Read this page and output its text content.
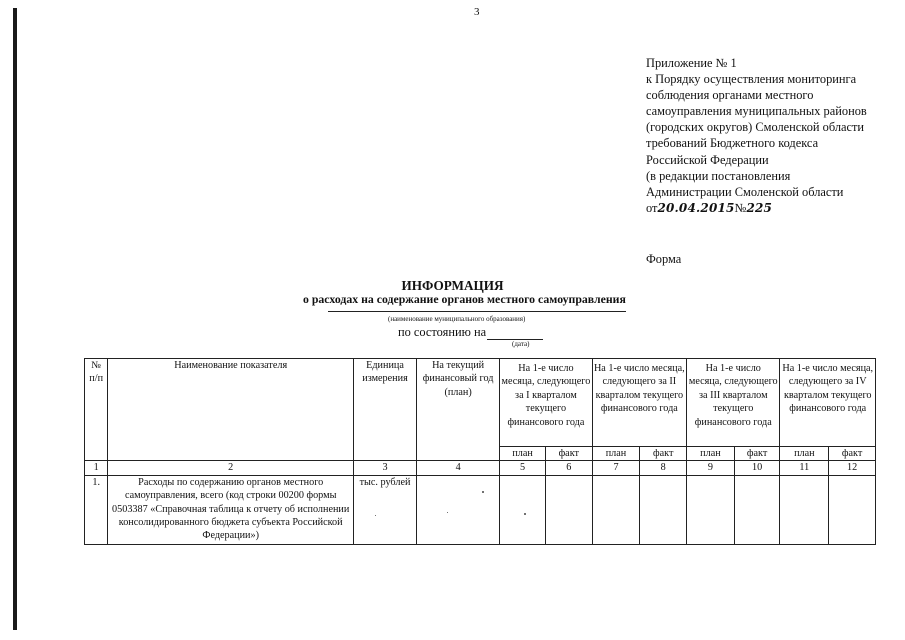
3
Приложение № 1
к Порядку осуществления мониторинга
соблюдения органами местного
самоуправления муниципальных районов
(городских округов) Смоленской области
требований Бюджетного кодекса
Российской Федерации
(в редакции постановления
Администрации Смоленской области
от20.04.2015№225
Форма
ИНФОРМАЦИЯ
о расходах на содержание органов местного самоуправления
(наименование муниципального образования)
по состоянию на
(дата)
№ п/п	Наименование показателя	Единица измерения	На текущий финансовый год (план)	На 1-е число месяца, следующего за I кварталом текущего финансового года		На 1-е число месяца, следующего за II кварталом текущего финансового года		На 1-е число месяца, следующего за III кварталом текущего финансового года		На 1-е число месяца, следующего за IV кварталом текущего финансового года	
				план	факт	план	факт	план	факт	план	факт
1	2	3	4	5	6	7	8	9	10	11	12
1.	Расходы по содержанию органов местного самоуправления, всего (код строки 00200 формы 0503387 «Справочная таблица к отчету об исполнении консолидированного бюджета субъекта Российской Федерации»)	тыс. рублей									
